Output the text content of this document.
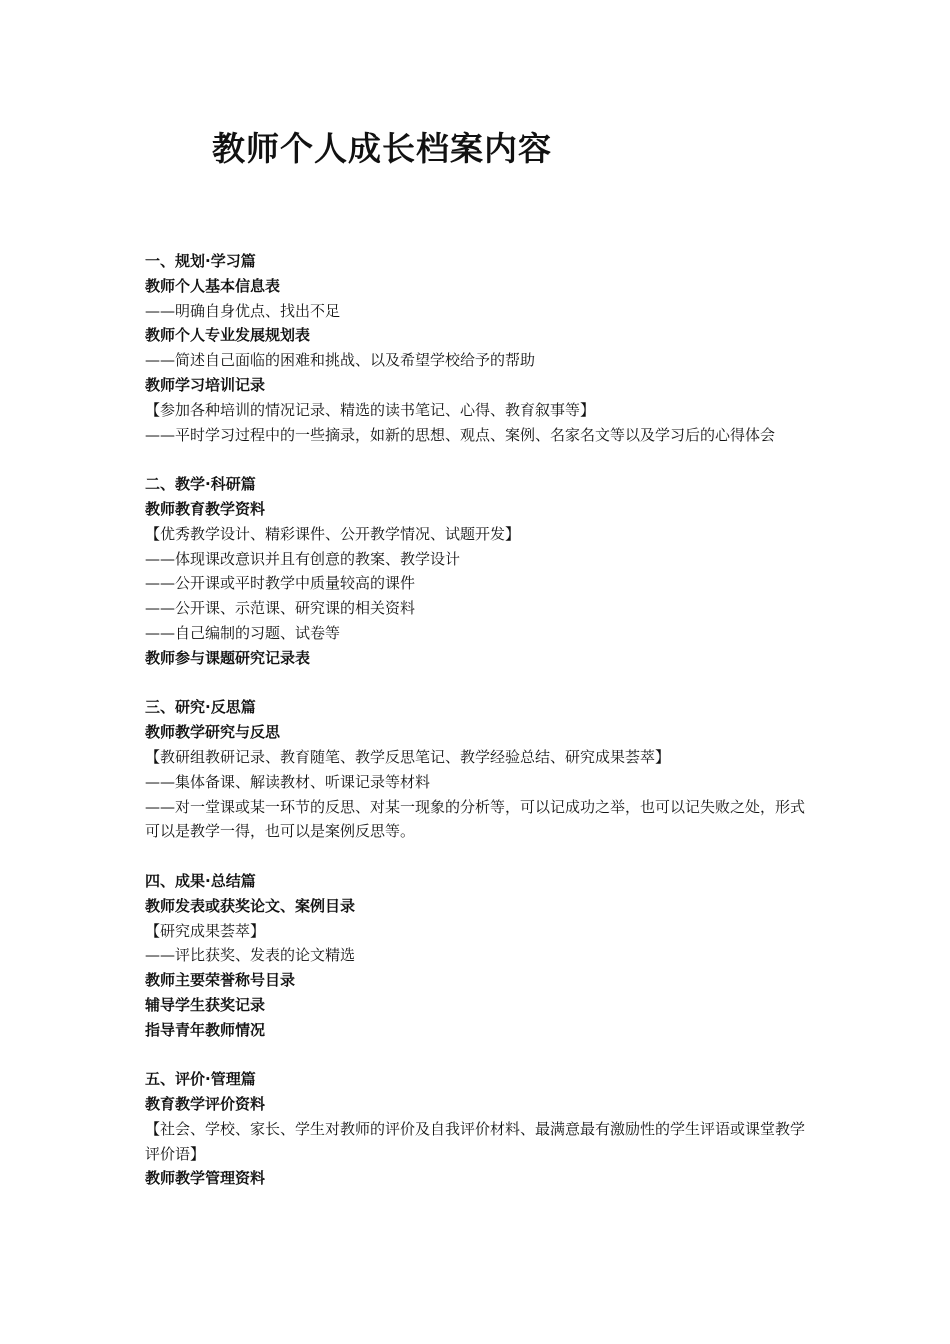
教师个人成长档案内容
一、规划·学习篇
教师个人基本信息表
——明确自身优点、找出不足
教师个人专业发展规划表
——简述自己面临的困难和挑战、以及希望学校给予的帮助
教师学习培训记录
【参加各种培训的情况记录、精选的读书笔记、心得、教育叙事等】
——平时学习过程中的一些摘录，如新的思想、观点、案例、名家名文等以及学习后的心得体会
二、教学·科研篇
教师教育教学资料
【优秀教学设计、精彩课件、公开教学情况、试题开发】
——体现课改意识并且有创意的教案、教学设计
——公开课或平时教学中质量较高的课件
——公开课、示范课、研究课的相关资料
——自己编制的习题、试卷等
教师参与课题研究记录表
三、研究·反思篇
教师教学研究与反思
【教研组教研记录、教育随笔、教学反思笔记、教学经验总结、研究成果荟萃】
——集体备课、解读教材、听课记录等材料
——对一堂课或某一环节的反思、对某一现象的分析等，可以记成功之举，也可以记失败之处，形式可以是教学一得，也可以是案例反思等。
四、成果·总结篇
教师发表或获奖论文、案例目录
【研究成果荟萃】
——评比获奖、发表的论文精选
教师主要荣誉称号目录
辅导学生获奖记录
指导青年教师情况
五、评价·管理篇
教育教学评价资料
【社会、学校、家长、学生对教师的评价及自我评价材料、最满意最有激励性的学生评语或课堂教学评价语】
教师教学管理资料
